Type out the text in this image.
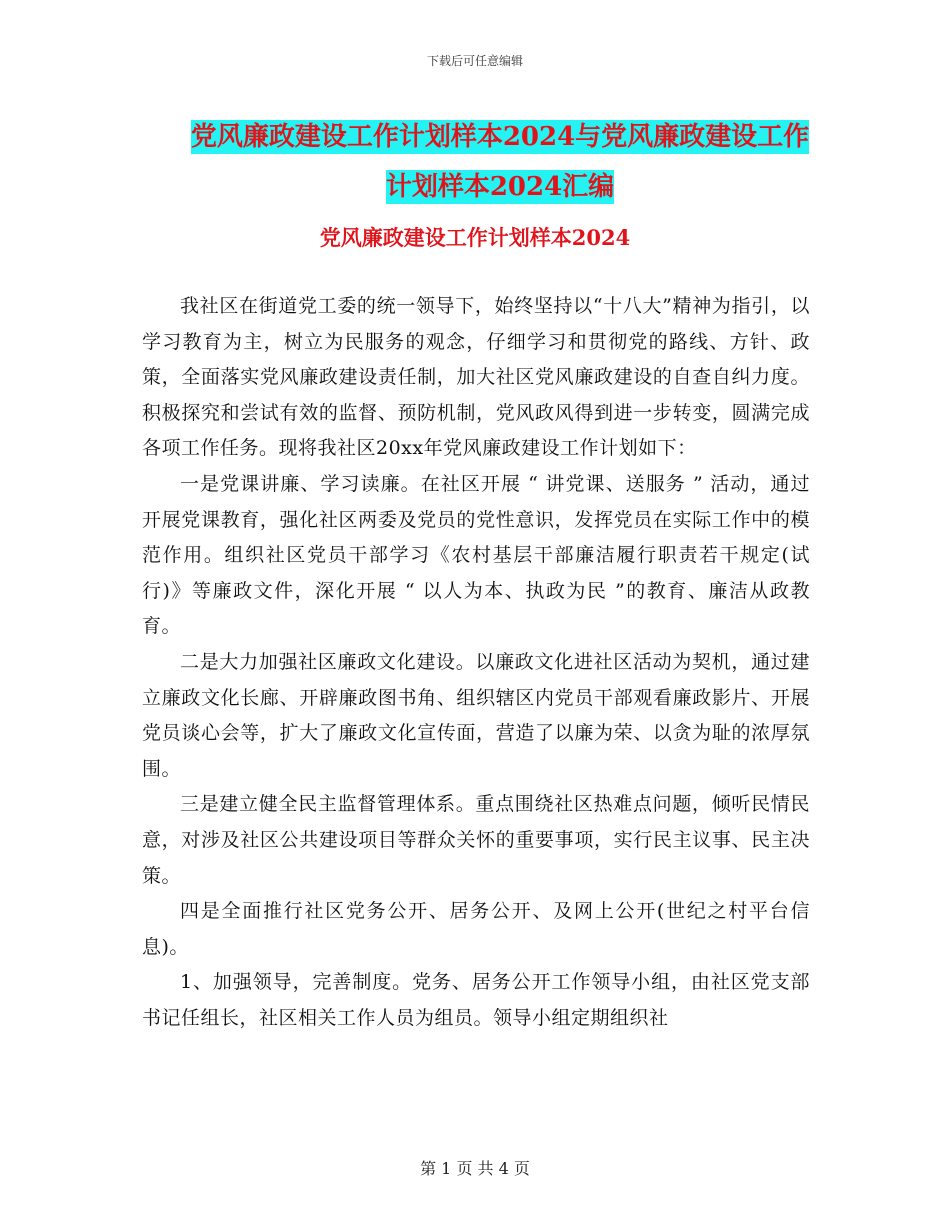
下载后可任意编辑
党风廉政建设工作计划样本2024与党风廉政建设工作
计划样本2024汇编
党风廉政建设工作计划样本2024

我社区在街道党工委的统一领导下，始终坚持以“十八大”精神为指引，以学习教育为主，树立为民服务的观念，仔细学习和贯彻党的路线、方针、政策，全面落实党风廉政建设责任制，加大社区党风廉政建设的自查自纠力度。积极探究和尝试有效的监督、预防机制，党风政风得到进一步转变，圆满完成各项工作任务。现将我社区20xx年党风廉政建设工作计划如下：

一是党课讲廉、学习读廉。在社区开展 “ 讲党课、送服务 ” 活动，通过开展党课教育，强化社区两委及党员的党性意识，发挥党员在实际工作中的模范作用。组织社区党员干部学习《农村基层干部廉洁履行职责若干规定(试行)》等廉政文件，深化开展 “ 以人为本、执政为民 ”的教育、廉洁从政教育。

二是大力加强社区廉政文化建设。以廉政文化进社区活动为契机，通过建立廉政文化长廊、开辟廉政图书角、组织辖区内党员干部观看廉政影片、开展党员谈心会等，扩大了廉政文化宣传面，营造了以廉为荣、以贪为耻的浓厚氛围。

三是建立健全民主监督管理体系。重点围绕社区热难点问题，倾听民情民意，对涉及社区公共建设项目等群众关怀的重要事项，实行民主议事、民主决策。

四是全面推行社区党务公开、居务公开、及网上公开(世纪之村平台信息)。

1、加强领导，完善制度。党务、居务公开工作领导小组，由社区党支部书记任组长，社区相关工作人员为组员。领导小组定期组织社

第 1 页 共 4 页
